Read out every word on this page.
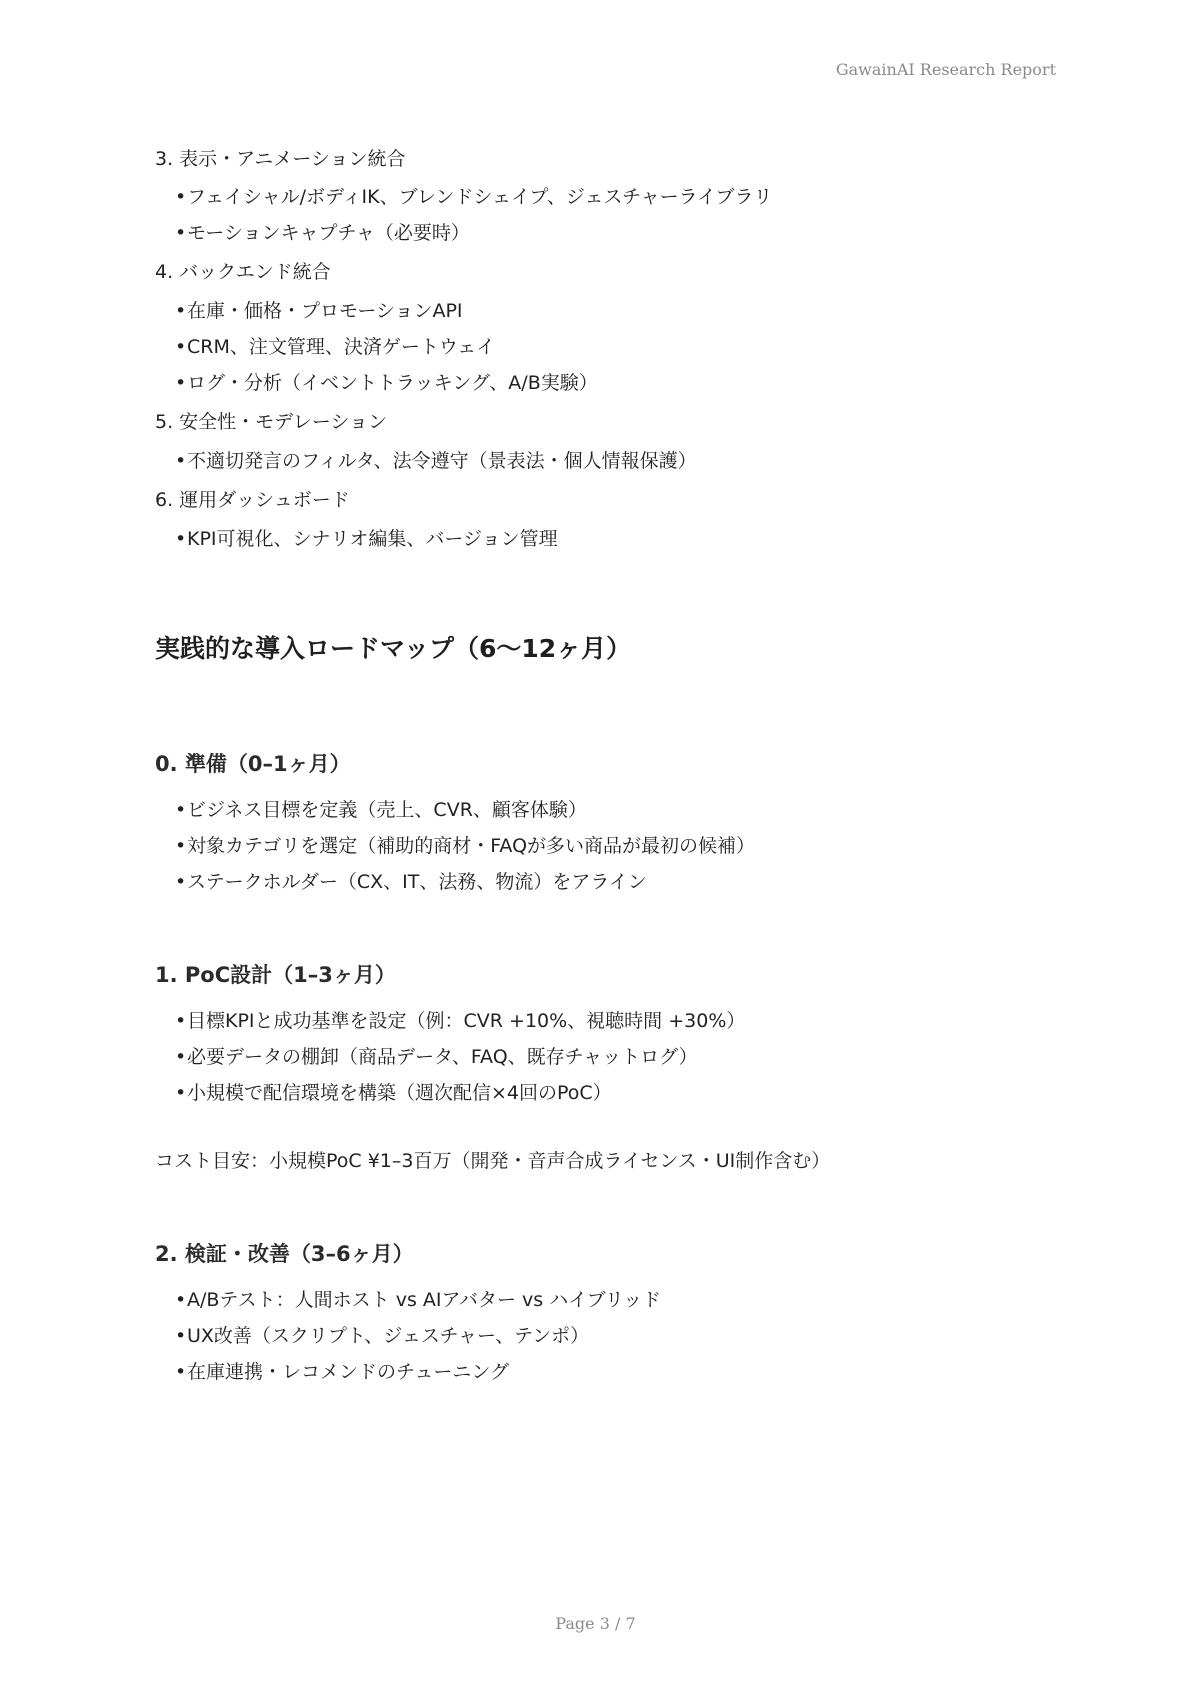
GawainAI Research Report

3. 表示・アニメーション統合

• フェイシャル/ボディIK、ブレンドシェイプ、ジェスチャーライブラリ
• モーションキャプチャ（必要時）

4. バックエンド統合

• 在庫・価格・プロモーションAPI
• CRM、注文管理、決済ゲートウェイ
• ログ・分析（イベントトラッキング、A/B実験）

5. 安全性・モデレーション

• 不適切発言のフィルタ、法令遵守（景表法・個人情報保護）

6. 運用ダッシュボード

• KPI可視化、シナリオ編集、バージョン管理
実践的な導入ロードマップ（6〜12ヶ月）
0. 準備（0–1ヶ月）
• ビジネス目標を定義（売上、CVR、顧客体験）
• 対象カテゴリを選定（補助的商材・FAQが多い商品が最初の候補）
• ステークホルダー（CX、IT、法務、物流）をアライン
1. PoC設計（1–3ヶ月）
• 目標KPIと成功基準を設定（例：CVR +10%、視聴時間 +30%）
• 必要データの棚卸（商品データ、FAQ、既存チャットログ）
• 小規模で配信環境を構築（週次配信×4回のPoC）

コスト目安：小規模PoC ¥1–3百万（開発・音声合成ライセンス・UI制作含む）

2. 検証・改善（3–6ヶ月）
• A/Bテスト：人間ホスト vs AIアバター vs ハイブリッド
• UX改善（スクリプト、ジェスチャー、テンポ）
• 在庫連携・レコメンドのチューニング
Page 3 / 7
